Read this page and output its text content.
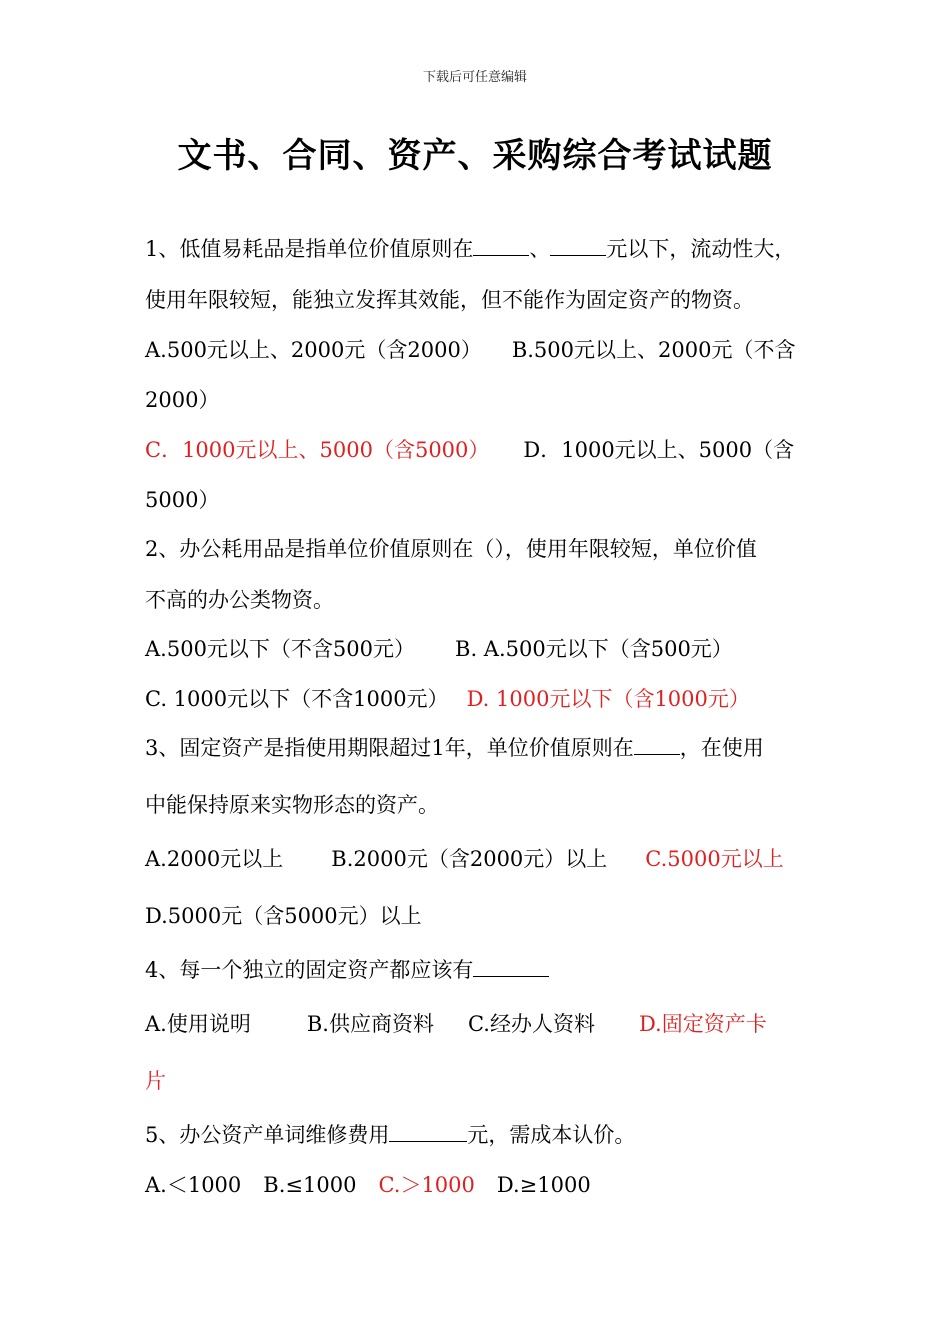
下载后可任意编辑
文书、合同、资产、采购综合考试试题
1、低值易耗品是指单位价值原则在	、	元以下，流动性大，
使用年限较短，能独立发挥其效能，但不能作为固定资产的物资。
A.500元以上、2000元（含2000） B.500元以上、2000元（不含
2000）
C．1000元以上、5000（含5000） D．1000元以上、5000（含
5000）
2、办公耗用品是指单位价值原则在（），使用年限较短，单位价值
不高的办公类物资。
A.500元以下（不含500元） B. A.500元以下（含500元）
C. 1000元以下（不含1000元） D. 1000元以下（含1000元）
3、固定资产是指使用期限超过1年，单位价值原则在 ，在使用
中能保持原来实物形态的资产。
A.2000元以上 B.2000元（含2000元）以上 C.5000元以上
D.5000元（含5000元）以上
4、每一个独立的固定资产都应该有
A.使用说明	B.供应商资料 C.经办人资料 D.固定资产卡
片
5、办公资产单词维修费用	元，需成本认价。
A.＜1000 B.≤1000 C.＞1000 D.≥1000
